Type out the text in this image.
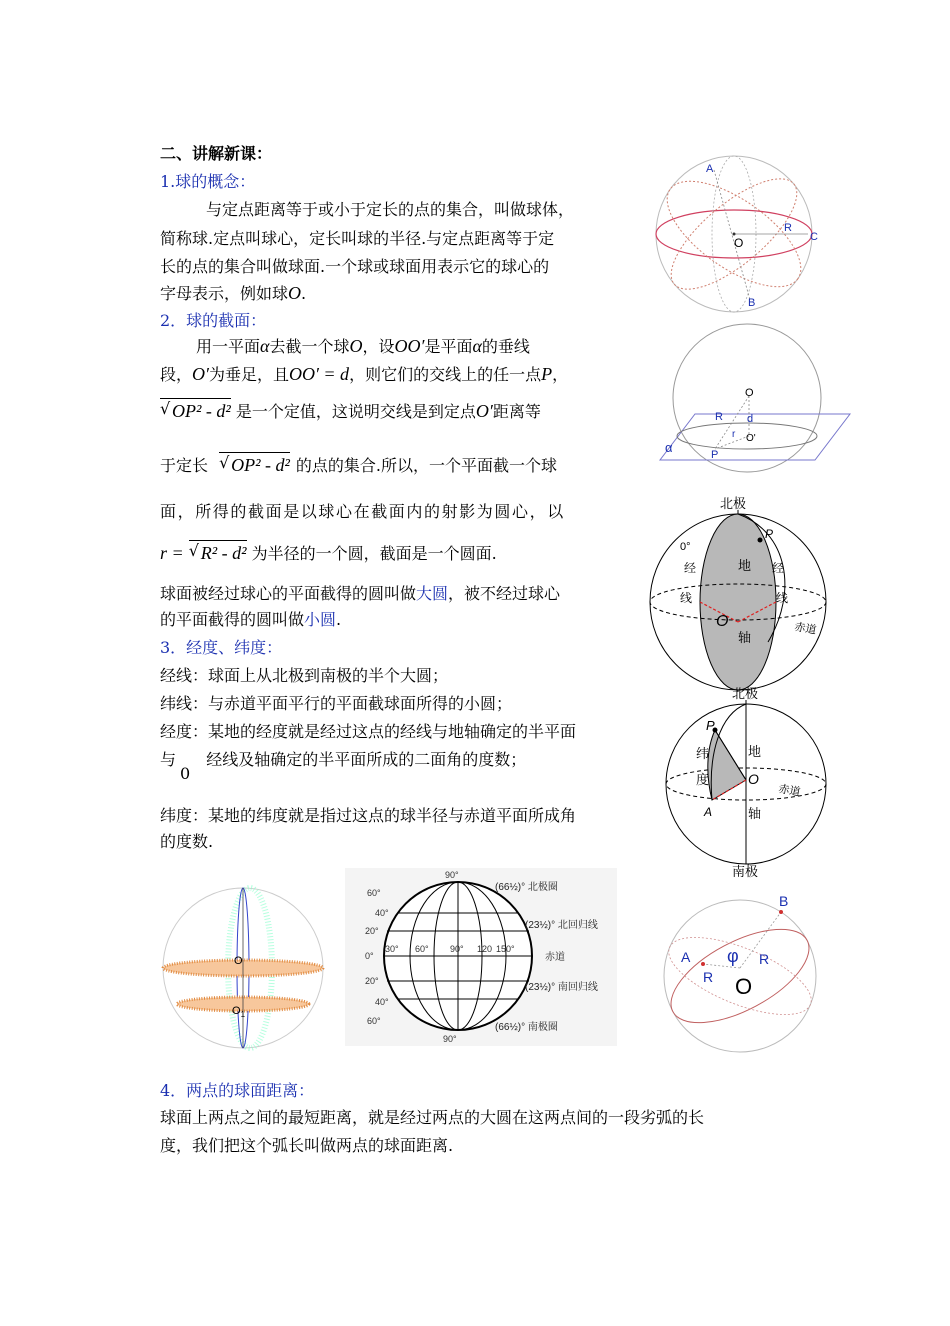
二、讲解新课：
1.球的概念：
与定点距离等于或小于定长的点的集合，叫做球体，
简称球.定点叫球心，定长叫球的半径.与定点距离等于定
长的点的集合叫做球面.一个球或球面用表示它的球心的
字母表示，例如球O.
2．球的截面：
用一平面α去截一个球O，设OO′是平面α的垂线
段，O′为垂足，且OO′ = d，则它们的交线上的任一点P，
√ OP² - d² 是一个定值，这说明交线是到定点O′距离等
于定长 √ OP² - d² 的点的集合.所以，一个平面截一个球
面，所得的截面是以球心在截面内的射影为圆心，以
r = √ R² - d² 为半径的一个圆，截面是一个圆面.
球面被经过球心的平面截得的圆叫做大圆，被不经过球心
的平面截得的圆叫做小圆.
3．经度、纬度：
经线：球面上从北极到南极的半个大圆；
纬线：与赤道平面平行的平面截球面所得的小圆；
经度：某地的经度就是经过这点的经线与地轴确定的半平面
与0经线及轴确定的半平面所成的二面角的度数；
纬度：某地的纬度就是指过这点的球半径与赤道平面所成角
的度数.
4．两点的球面距离：
球面上两点之间的最短距离，就是经过两点的大圆在这两点间的一段劣弧的长
度，我们把这个弧长叫做两点的球面距离.
A
B
C
R
O
O
R d
r O'
α	P
北极
P
0°
经
线
经
线
地
轴
O	赤道
北极
P
纬
度
地
轴
O
A
赤道
南极
O
$O_1$
90°
60°
40°
20°
0°
20°
40°
60°
90°
30° 60° 90° 120 150°
(66½)° 北极圈
(23½)° 北回归线
赤道
(23½)° 南回归线
(66½)° 南极圈
B
A φ
R
R
O
